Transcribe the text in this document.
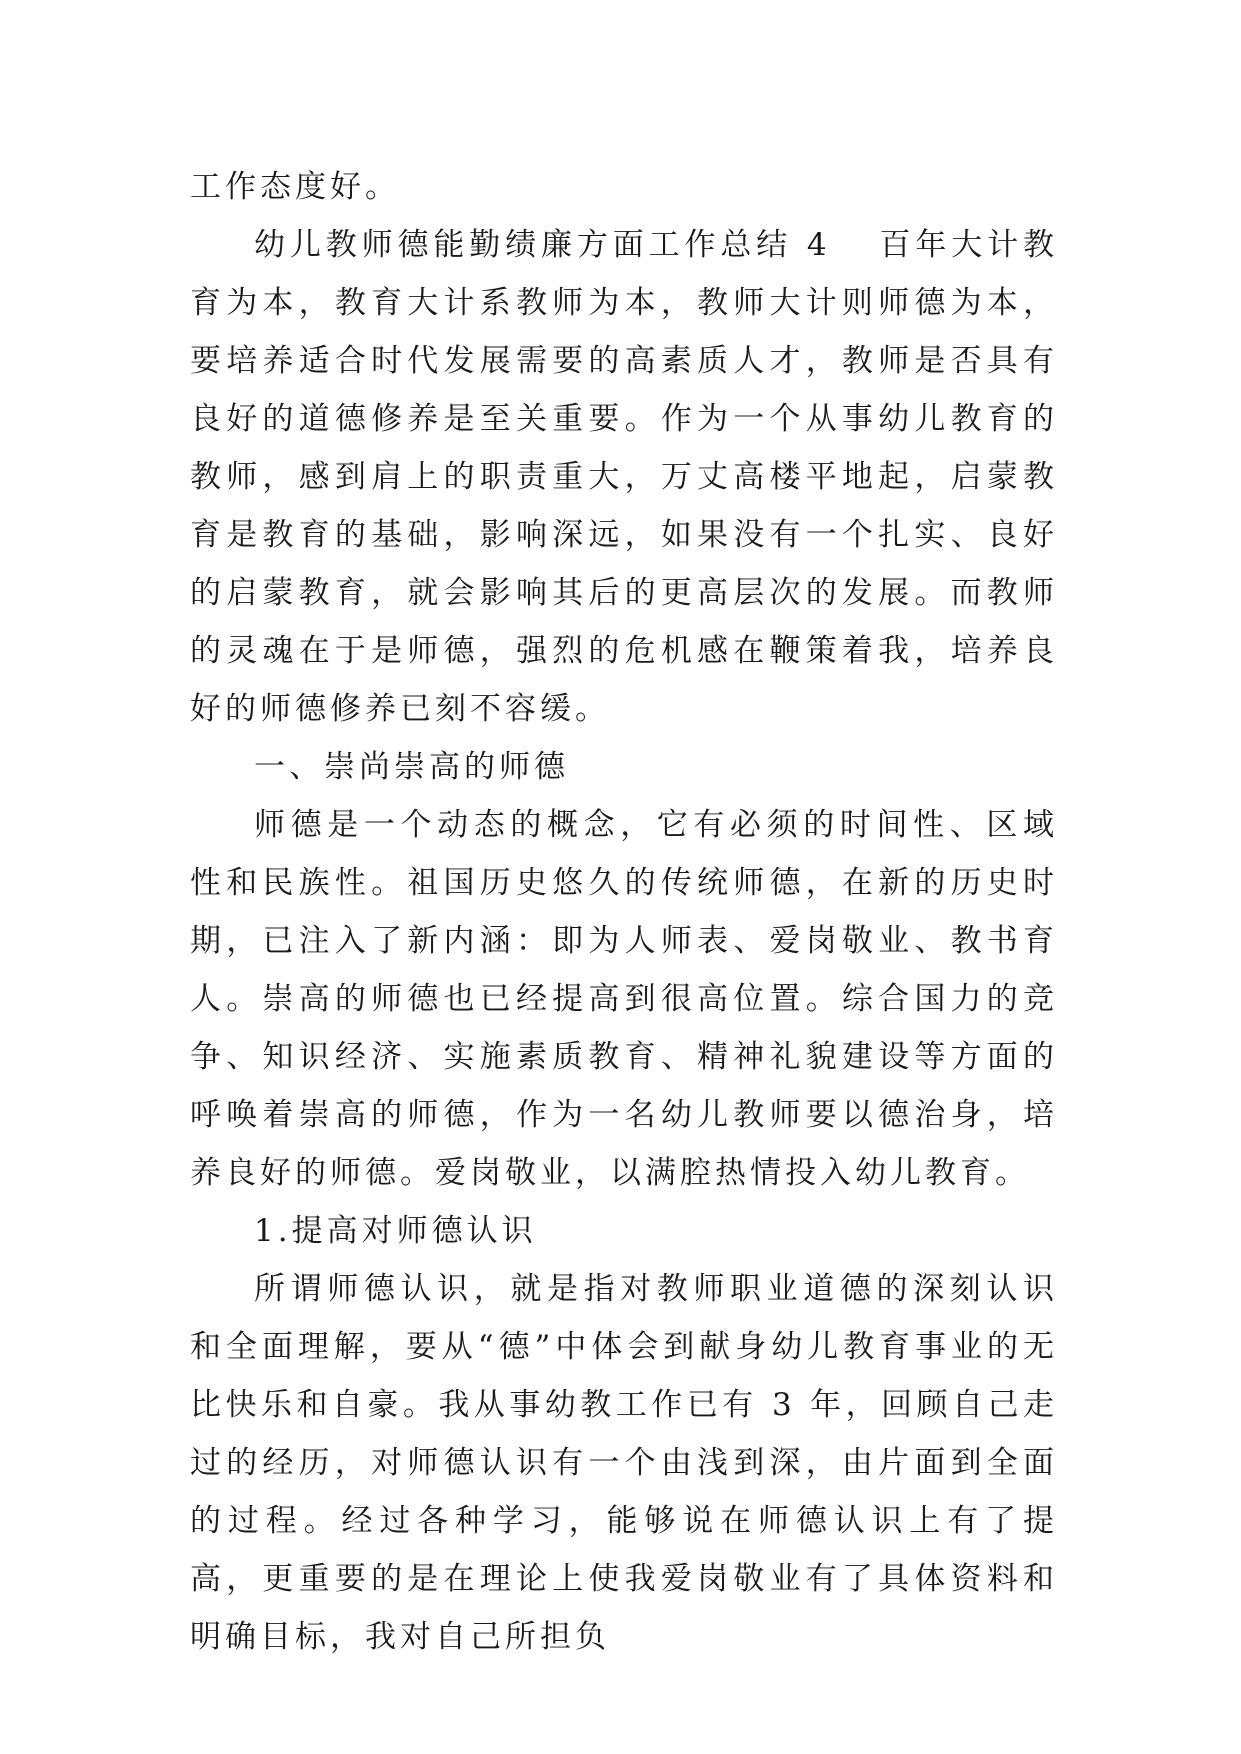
工作态度好。

幼儿教师德能勤绩廉方面工作总结 4 百年大计教育为本，教育大计系教师为本，教师大计则师德为本，要培养适合时代发展需要的高素质人才，教师是否具有良好的道德修养是至关重要。作为一个从事幼儿教育的教师，感到肩上的职责重大，万丈高楼平地起，启蒙教育是教育的基础，影响深远，如果没有一个扎实、良好的启蒙教育，就会影响其后的更高层次的发展。而教师的灵魂在于是师德，强烈的危机感在鞭策着我，培养良好的师德修养已刻不容缓。

一、崇尚崇高的师德

师德是一个动态的概念，它有必须的时间性、区域性和民族性。祖国历史悠久的传统师德，在新的历史时期，已注入了新内涵：即为人师表、爱岗敬业、教书育人。崇高的师德也已经提高到很高位置。综合国力的竞争、知识经济、实施素质教育、精神礼貌建设等方面的呼唤着崇高的师德，作为一名幼儿教师要以德治身，培养良好的师德。爱岗敬业，以满腔热情投入幼儿教育。

1.提高对师德认识

所谓师德认识，就是指对教师职业道德的深刻认识和全面理解，要从“德”中体会到献身幼儿教育事业的无比快乐和自豪。我从事幼教工作已有 3 年，回顾自己走过的经历，对师德认识有一个由浅到深，由片面到全面的过程。经过各种学习，能够说在师德认识上有了提高，更重要的是在理论上使我爱岗敬业有了具体资料和明确目标，我对自己所担负
